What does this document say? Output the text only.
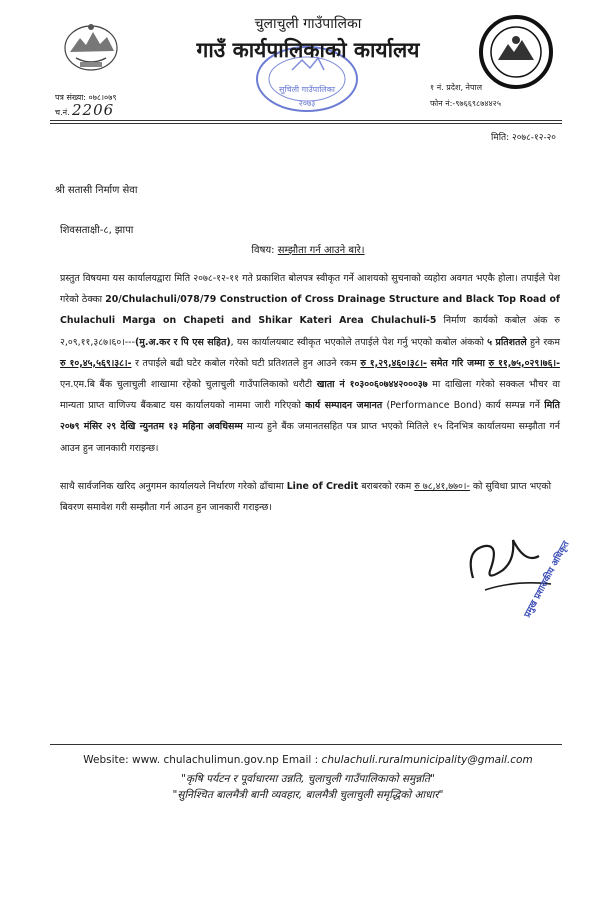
सुचिली गाउँपालिका
२०७३
चुलाचुली गाउँपालिका
गाउँ कार्यपालिकाको कार्यालय
१ नं. प्रदेश, नेपाल
फोन नं:-९७६६९८७४४२५
पत्र संख्या: ०७८।०७९
च.नं. 2206
मिति: २०७८-१२-२०
श्री सतासी निर्माण सेवा
शिवसताक्षी-८, झापा
विषय: सम्झौता गर्न आउने बारे।
प्रस्तुत विषयमा यस कार्यालयद्वारा मिति २०७८-१२-११ गते प्रकाशित बोलपत्र स्वीकृत गर्ने आशयको सुचनाको व्यहोरा अवगत भएकै होला। तपाईले पेश गरेको ठेक्का 20/Chulachuli/078/79 Construction of Cross Drainage Structure and Black Top Road of Chulachuli Marga on Chapeti and Shikar Kateri Area Chulachuli-5 निर्माण कार्यको कबोल अंक रु २,०९,११,३८७।६०।---(मु.अ.कर र पि एस सहित), यस कार्यालयबाट स्वीकृत भएकोले तपाईले पेश गर्नु भएको कबोल अंकको ५ प्रतिशतले हुने रकम रु १०,४५,५६९।३८।- र तपाईले बढी घटेर कबोल गरेको घटी प्रतिशतले हुन आउने रकम रु १,२९,४६०।३८।- समेत गरि जम्मा रु ११,७५,०२९।७६।- एन.एम.बि बैंक चुलाचुली शाखामा रहेको चुलाचुली गाउँपालिकाको धरौटी खाता नं १०३००६०७४४२०००३७ मा दाखिला गरेको सक्कल भौचर वा मान्यता प्राप्त वाणिज्य बैंकबाट यस कार्यालयको नाममा जारी गरिएको कार्य सम्पादन जमानत (Performance Bond) कार्य सम्पन्न गर्ने मिति २०७९ मंसिर २९ देखि न्युनतम १३ महिना अवधिसम्म मान्य हुने बैंक जमानतसहित पत्र प्राप्त भएको मितिले १५ दिनभित्र कार्यालयमा सम्झौता गर्न आउन हुन जानकारी गराइन्छ।
साथै सार्वजनिक खरिद अनुगमन कार्यालयले निर्धारण गरेको ढाँचामा Line of Credit बराबरको रकम रु ७८,४१,७७०।- को सुविधा प्राप्त भएको बिवरण समावेश गरी सम्झौता गर्न आउन हुन जानकारी गराइन्छ।
प्रमुख प्रशासकीय अधिकृत
Website: www. chulachulimun.gov.np Email : chulachuli.ruralmunicipality@gmail.com
"कृषि पर्यटन र पूर्वाधारमा उन्नति, चुलाचुली गाउँपालिकाको समुन्नति"
"सुनिश्चित बालमैत्री बानी व्यवहार, बालमैत्री चुलाचुली समृद्धिको आधार"
